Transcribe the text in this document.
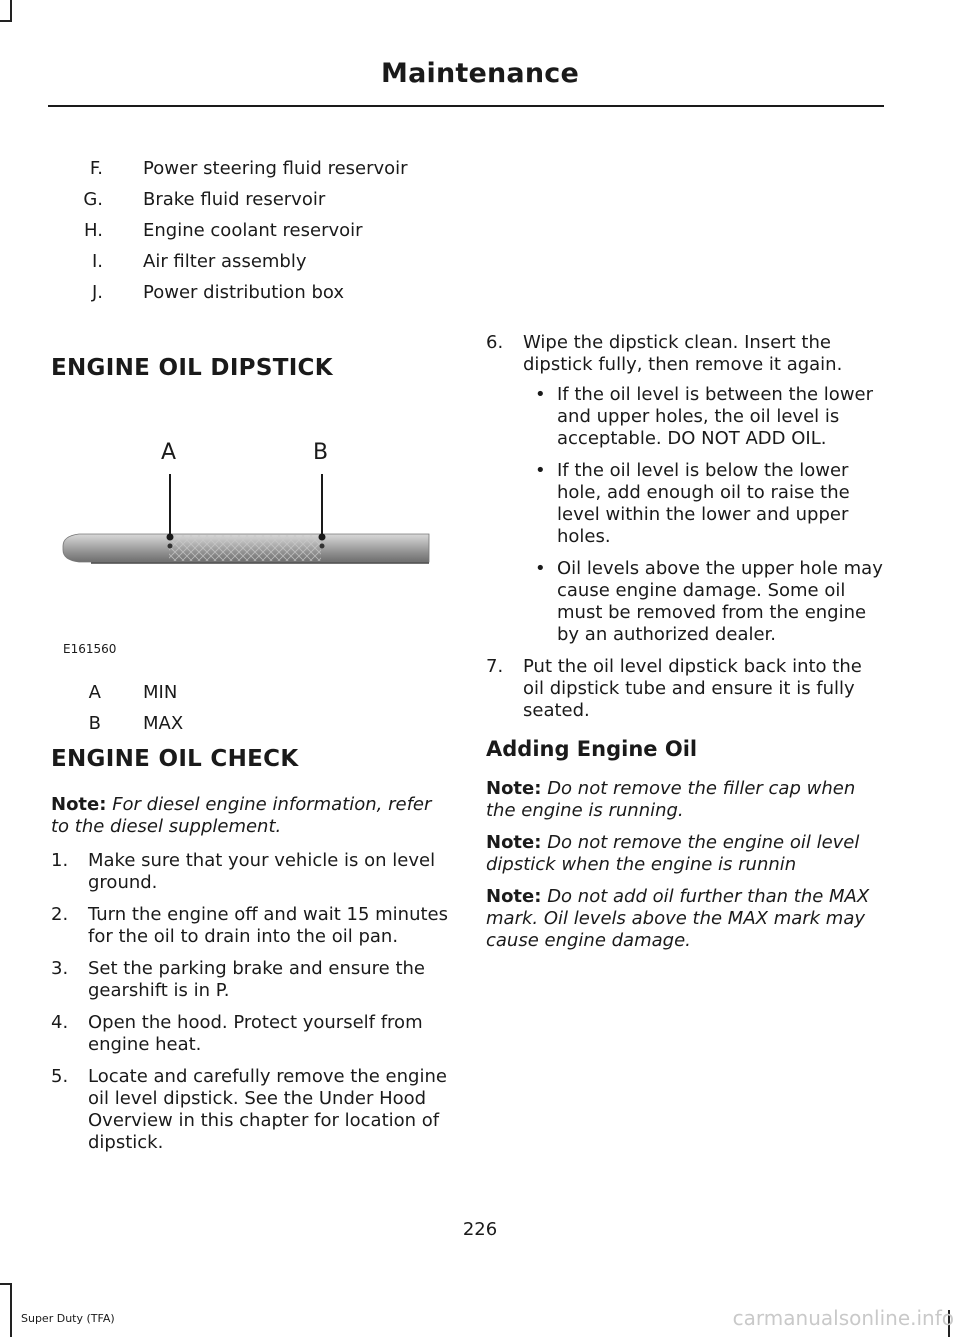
Maintenance
F. Power steering fluid reservoir
G. Brake fluid reservoir
H. Engine coolant reservoir
I. Air filter assembly
J. Power distribution box
ENGINE OIL DIPSTICK
A	B
E161560
A MIN
B MAX
ENGINE OIL CHECK

Note: For diesel engine information, refer to the diesel supplement.

1. Make sure that your vehicle is on level ground.
2. Turn the engine off and wait 15 minutes for the oil to drain into the oil pan.
3. Set the parking brake and ensure the gearshift is in P.
4. Open the hood. Protect yourself from engine heat.
5. Locate and carefully remove the engine oil level dipstick. See the Under Hood Overview in this chapter for location of dipstick.
6. Wipe the dipstick clean. Insert the dipstick fully, then remove it again.
• If the oil level is between the lower and upper holes, the oil level is acceptable. DO NOT ADD OIL.
• If the oil level is below the lower hole, add enough oil to raise the level within the lower and upper holes.
• Oil levels above the upper hole may cause engine damage. Some oil must be removed from the engine by an authorized dealer.
7. Put the oil level dipstick back into the oil dipstick tube and ensure it is fully seated.
Adding Engine Oil

Note: Do not remove the filler cap when the engine is running.

Note: Do not remove the engine oil level dipstick when the engine is runnin

Note: Do not add oil further than the MAX mark. Oil levels above the MAX mark may cause engine damage.

226
Super Duty (TFA)	carmanualsonline.info
